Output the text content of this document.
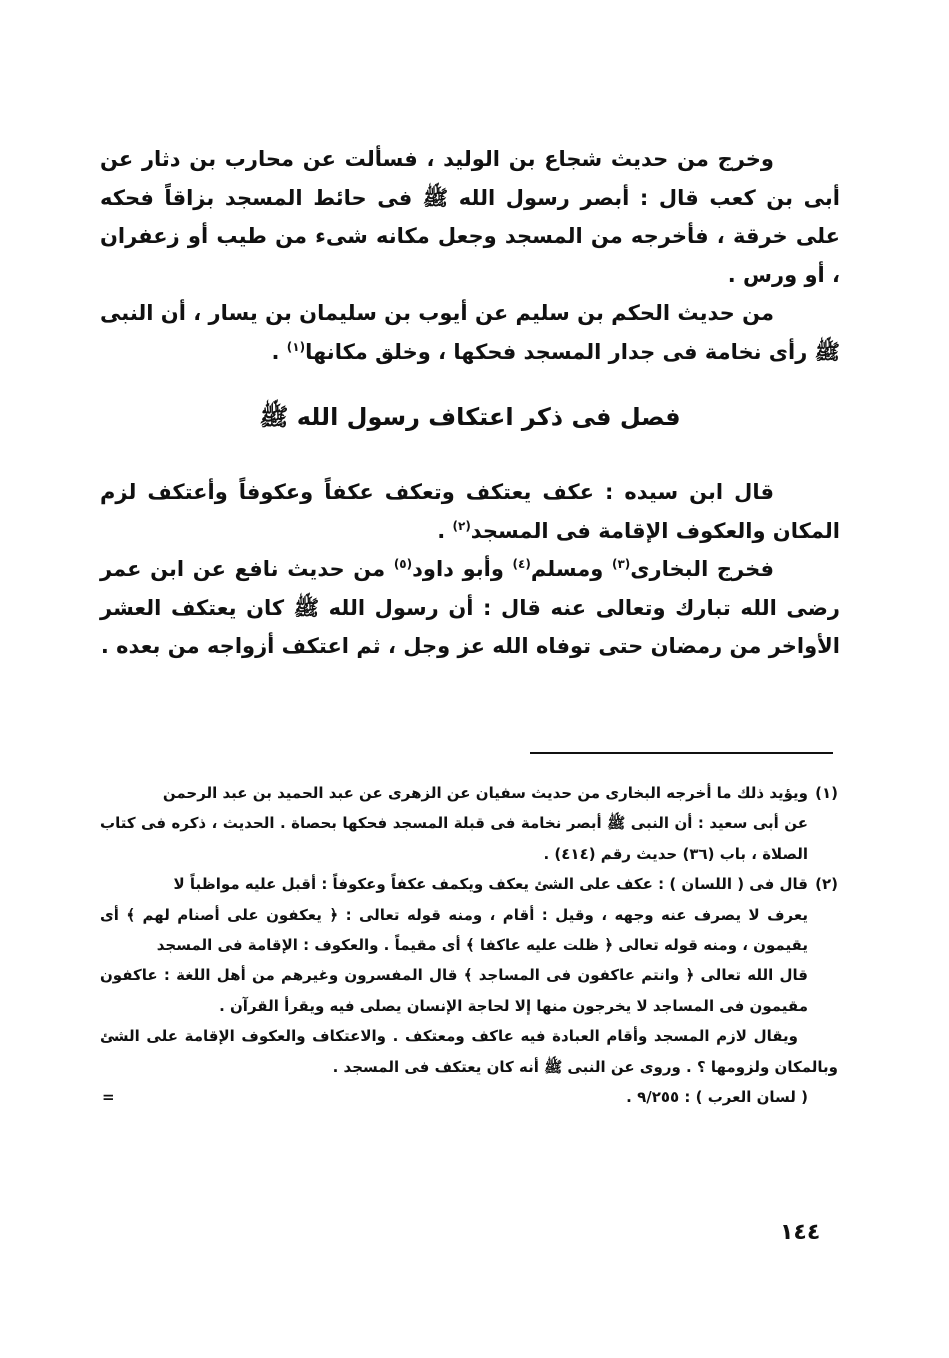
وخرج من حديث شجاع بن الوليد ، فسألت عن محارب بن دثار عن أبى بن كعب قال : أبصر رسول الله ﷺ فى حائط المسجد بزاقاً فحكه على خرقة ، فأخرجه من المسجد وجعل مكانه شىء من طيب أو زعفران ، أو ورس .

من حديث الحكم بن سليم عن أيوب بن سليمان بن يسار ، أن النبى ﷺ رأى نخامة فى جدار المسجد فحكها ، وخلق مكانها$^{(١)}$ .

فصل فى ذكر اعتكاف رسول الله ﷺ

قال ابن سيده : عكف يعتكف وتعكف عكفاً وعكوفاً وأعتكف لزم المكان والعكوف الإقامة فى المسجد$^{(٢)}$ .

فخرج البخارى$^{(٣)}$ ومسلم$^{(٤)}$ وأبو داود$^{(٥)}$ من حديث نافع عن ابن عمر رضى الله تبارك وتعالى عنه قال : أن رسول الله ﷺ كان يعتكف العشر الأواخر من رمضان حتى توفاه الله عز وجل ، ثم اعتكف أزواجه من بعده .

(١)ويؤيد ذلك ما أخرجه البخارى من حديث سفيان عن الزهرى عن عبد الحميد بن عبد الرحمن

عن أبى سعيد : أن النبى ﷺ أبصر نخامة فى قبلة المسجد فحكها بحصاة . الحديث ، ذكره فى كتاب الصلاة ، باب (٣٦) حديث رقم (٤١٤) .

(٢)قال فى ( اللسان ) : عكف على الشئ يعكف ويكمف عكفاً وعكوفاً : أقبل عليه مواظباً لا

يعرف لا يصرف عنه وجهه ، وقيل : أقام ، ومنه قوله تعالى : ﴿ يعكفون على أصنام لهم ﴾ أى يقيمون ، ومنه قوله تعالى ﴿ ظلت عليه عاكفا ﴾ أى مقيماً . والعكوف : الإقامة فى المسجد

قال الله تعالى ﴿ وانتم عاكفون فى المساجد ﴾ قال المفسرون وغيرهم من أهل اللغة : عاكفون مقيمون فى المساجد لا يخرجون منها إلا لحاجة الإنسان يصلى فيه ويقرأ القرآن .

ويقال لازم المسجد وأقام العبادة فيه عاكف ومعتكف . والاعتكاف والعكوف الإقامة على الشئ وبالمكان ولزومها ؟ . وروى عن النبى ﷺ أنه كان يعتكف فى المسجد .

( لسان العرب ) : ٩/٢٥٥ .
=
١٤٤
